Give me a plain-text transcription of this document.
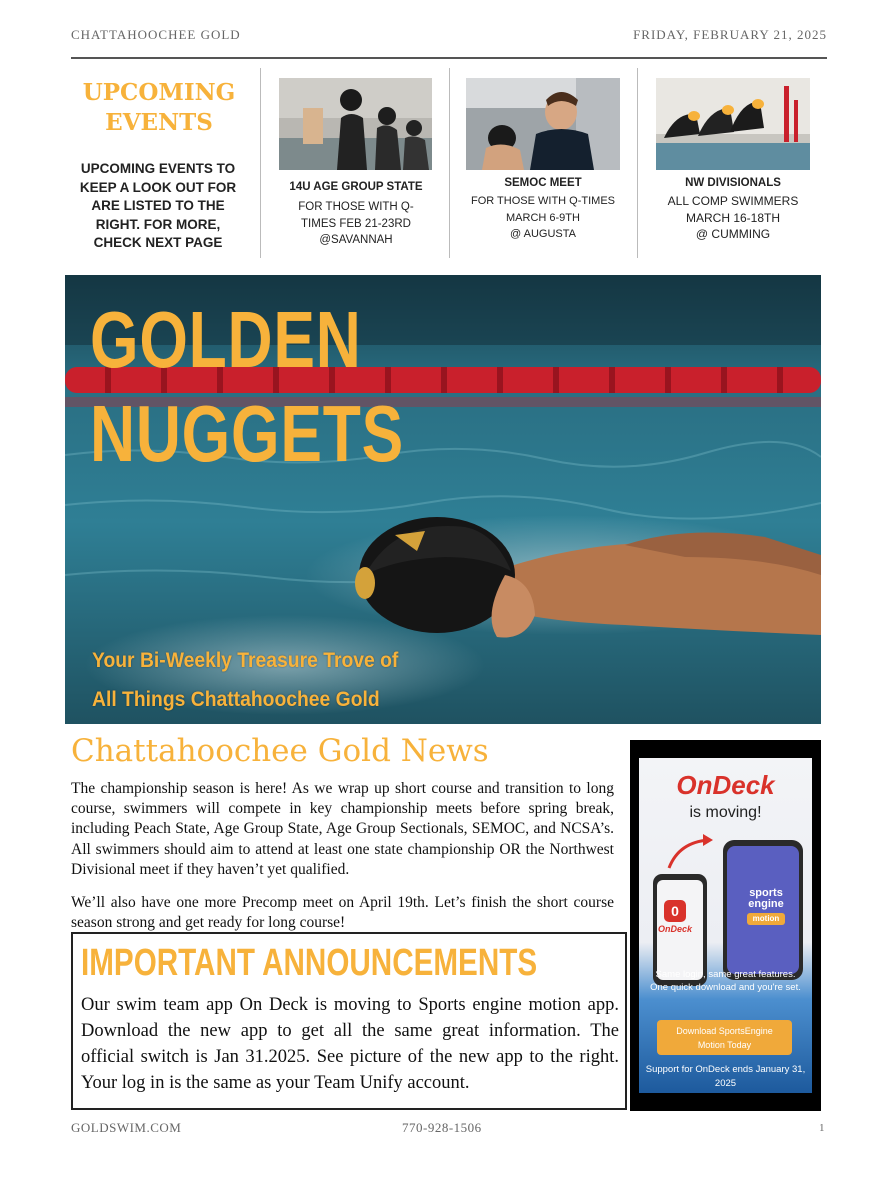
CHATTAHOOCHEE GOLD	FRIDAY, FEBRUARY 21, 2025
UPCOMING
EVENTS
UPCOMING EVENTS TO KEEP A LOOK OUT FOR ARE LISTED TO THE RIGHT. FOR MORE, CHECK NEXT PAGE
14U AGE GROUP STATE
FOR THOSE WITH Q-
TIMES FEB 21-23RD
@SAVANNAH
SEMOC MEET
FOR THOSE WITH Q-TIMES
MARCH 6-9TH
@ AUGUSTA
NW DIVISIONALS
ALL COMP SWIMMERS
MARCH 16-18TH
@ CUMMING
GOLDEN
NUGGETS
Your Bi-Weekly Treasure Trove of
All Things Chattahoochee Gold
Chattahoochee Gold News

The championship season is here! As we wrap up short course and transition to long course, swimmers will compete in key championship meets before spring break, including Peach State, Age Group State, Age Group Sectionals, SEMOC, and NCSA’s. All swimmers should aim to attend at least one state championship OR the Northwest Divisional meet if they haven’t yet qualified.

We’ll also have one more Precomp meet on April 19th. Let’s finish the short course season strong and get ready for long course!

IMPORTANT ANNOUNCEMENTS

Our swim team app On Deck is moving to Sports engine motion app. Download the new app to get all the same great information. The official switch is Jan 31.2025. See picture of the new app to the right. Your log in is the same as your Team Unify account.

OnDeck
is moving!
0
OnDeck
sports
engine
motion
Same login, same great features. One quick download and you're set.
Download SportsEngine
Motion Today
Support for OnDeck ends January 31, 2025
GOLDSWIM.COM	770-928-1506	1
